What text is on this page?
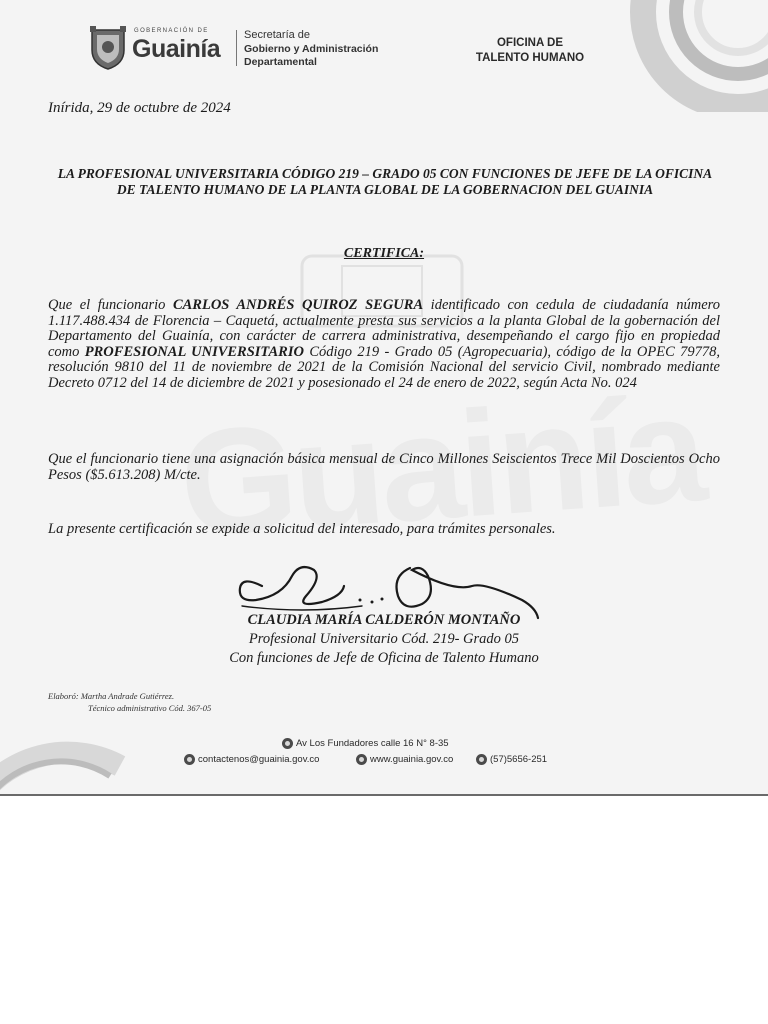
GOBERNACIÓN DE
Guainía Secretaría de
Gobierno y Administración
Departamental
OFICINA DE
TALENTO HUMANO
Inírida, 29 de octubre de 2024
LA PROFESIONAL UNIVERSITARIA CÓDIGO 219 – GRADO 05 CON FUNCIONES DE JEFE DE LA OFICINA DE TALENTO HUMANO DE LA PLANTA GLOBAL DE LA GOBERNACION DEL GUAINIA
CERTIFICA:
Que el funcionario CARLOS ANDRÉS QUIROZ SEGURA identificado con cedula de ciudadanía número 1.117.488.434 de Florencia – Caquetá, actualmente presta sus servicios a la planta Global de la gobernación del Departamento del Guainía, con carácter de carrera administrativa, desempeñando el cargo fijo en propiedad como PROFESIONAL UNIVERSITARIO Código 219 - Grado 05 (Agropecuaria), código de la OPEC 79778, resolución 9810 del 11 de noviembre de 2021 de la Comisión Nacional del servicio Civil, nombrado mediante Decreto 0712 del 14 de diciembre de 2021 y posesionado el 24 de enero de 2022, según Acta No. 024
Que el funcionario tiene una asignación básica mensual de Cinco Millones Seiscientos Trece Mil Doscientos Ocho Pesos ($5.613.208) M/cte.
La presente certificación se expide a solicitud del interesado, para trámites personales.
CLAUDIA MARÍA CALDERÓN MONTAÑO
Profesional Universitario Cód. 219- Grado 05
Con funciones de Jefe de Oficina de Talento Humano
Elaboró: Martha Andrade Gutiérrez.
Técnico administrativo Cód. 367-05
Av Los Fundadores calle 16 N° 8-35
contactenos@guainia.gov.co	www.guainia.gov.co	(57)5656-251
